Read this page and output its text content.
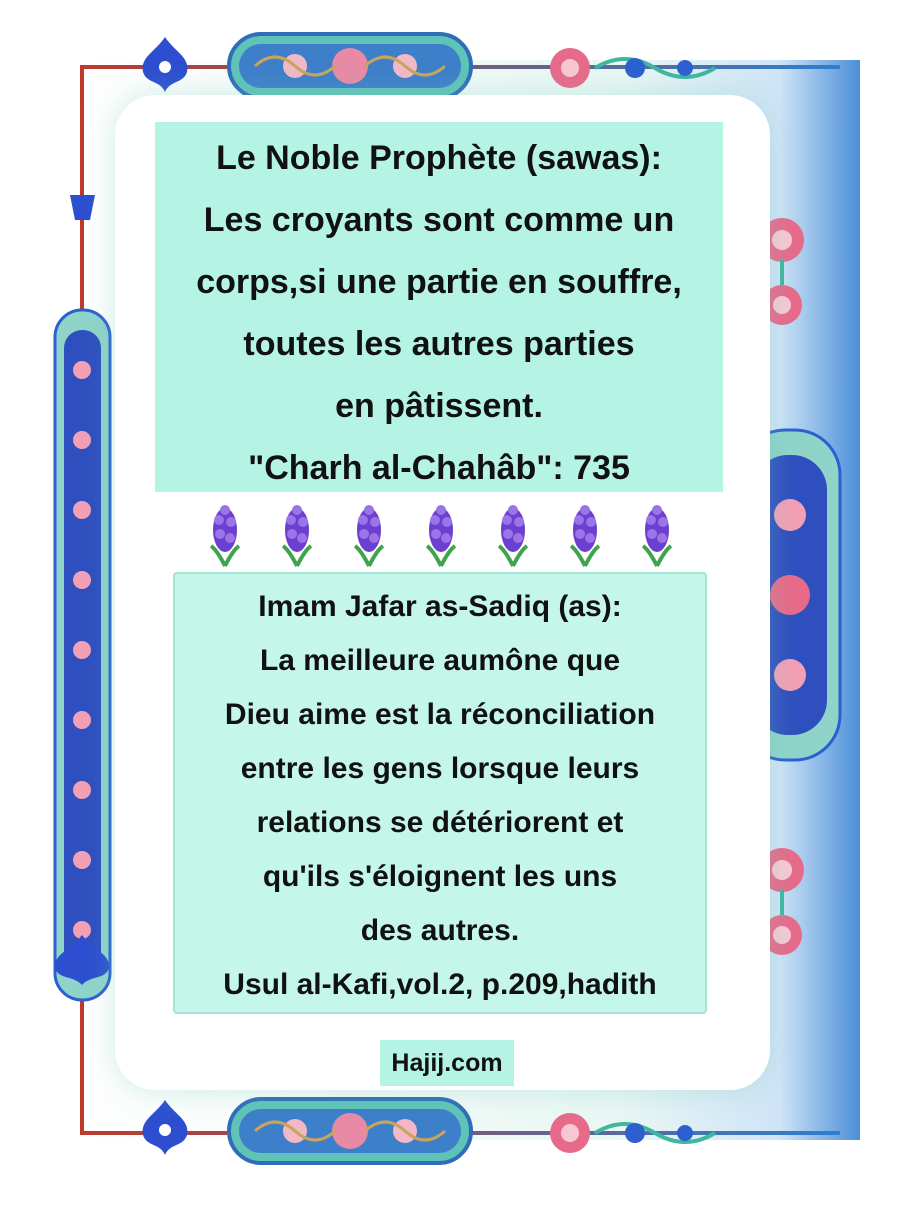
Le Noble Prophète (sawas):
Les croyants sont comme un
corps,si une partie en souffre,
toutes les autres parties
en pâtissent.
"Charh al-Chahâb": 735
Imam Jafar as-Sadiq (as):
La meilleure aumône que
Dieu aime est la réconciliation
entre les gens lorsque leurs
relations se détériorent et
qu'ils s'éloignent les uns
des autres.
Usul al-Kafi,vol.2, p.209,hadith
Hajij.com
